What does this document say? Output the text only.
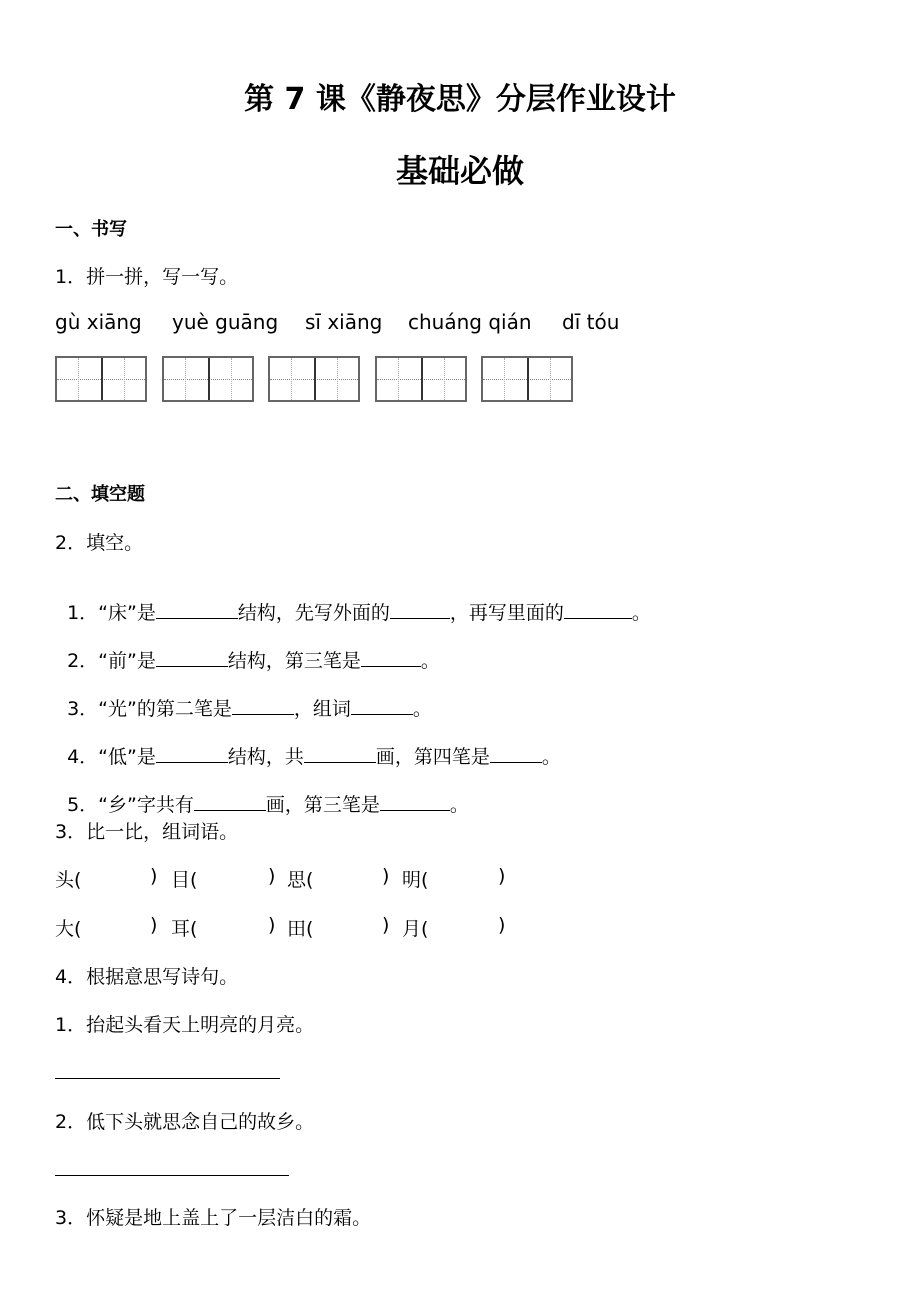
第 7 课《静夜思》分层作业设计
基础必做
一、书写
1．拼一拼，写一写。
gù xiāng yuè guāng sī xiāng chuáng qián dī tóu
二、填空题
2．填空。

1．“床”是	结构，先写外面的	，再写里面的	。

2．“前”是	结构，第三笔是	。

3．“光”的第二笔是	，组词	。

4．“低”是	结构，共	画，第四笔是	。

5．“乡”字共有	画，第三笔是	。

3．比一比，组词语。
头(	) 目(	) 思(	) 明(	)
大(	) 耳(	) 田(	) 月(	)
4．根据意思写诗句。
1．抬起头看天上明亮的月亮。
2．低下头就思念自己的故乡。
3．怀疑是地上盖上了一层洁白的霜。
